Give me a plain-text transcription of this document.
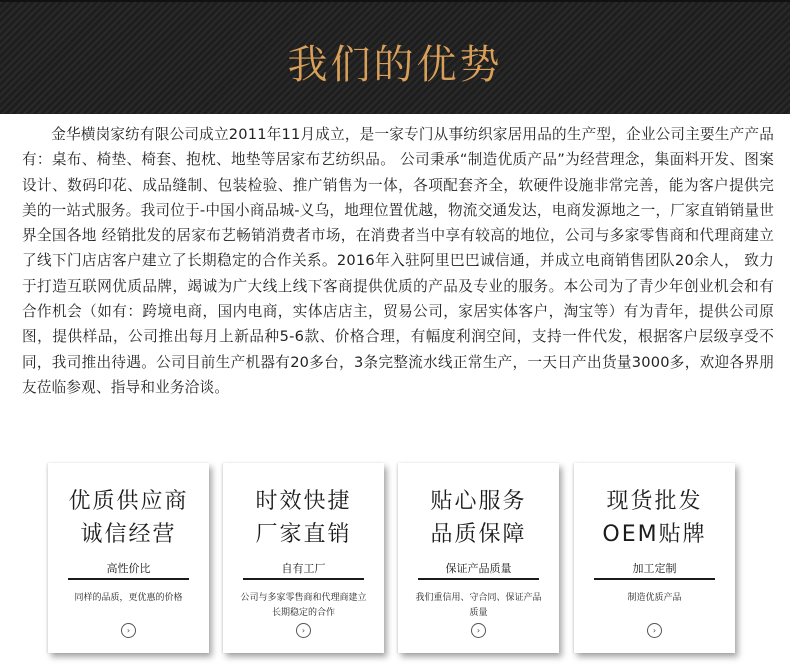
我们的优势

金华横岗家纺有限公司成立2011年11月成立，是一家专门从事纺织家居用品的生产型，企业公司主要生产产品有：桌布、椅垫、椅套、抱枕、地垫等居家布艺纺织品。 公司秉承“制造优质产品”为经营理念，集面料开发、图案设计、数码印花、成品缝制、包装检验、推广销售为一体，各项配套齐全，软硬件设施非常完善，能为客户提供完美的一站式服务。我司位于-中国小商品城-义乌，地理位置优越，物流交通发达，电商发源地之一，厂家直销销量世界全国各地 经销批发的居家布艺畅销消费者市场，在消费者当中享有较高的地位，公司与多家零售商和代理商建立了线下门店店客户建立了长期稳定的合作关系。2016年入驻阿里巴巴诚信通，并成立电商销售团队20余人， 致力于打造互联网优质品牌，竭诚为广大线上线下客商提供优质的产品及专业的服务。本公司为了青少年创业机会和有合作机会（如有：跨境电商，国内电商，实体店店主，贸易公司，家居实体客户，淘宝等）有为青年，提供公司原图，提供样品，公司推出每月上新品种5-6款、价格合理，有幅度利润空间，支持一件代发，根据客户层级享受不同，我司推出待遇。公司目前生产机器有20多台，3条完整流水线正常生产，一天日产出货量3000多，欢迎各界朋友莅临参观、指导和业务洽谈。

优质供应商
诚信经营
高性价比
同样的品质，更优惠的价格
›
时效快捷
厂家直销
自有工厂
公司与多家零售商和代理商建立长期稳定的合作
›
贴心服务
品质保障
保证产品质量
我们重信用、守合同、保证产品质量
›
现货批发
OEM贴牌
加工定制
制造优质产品
›
